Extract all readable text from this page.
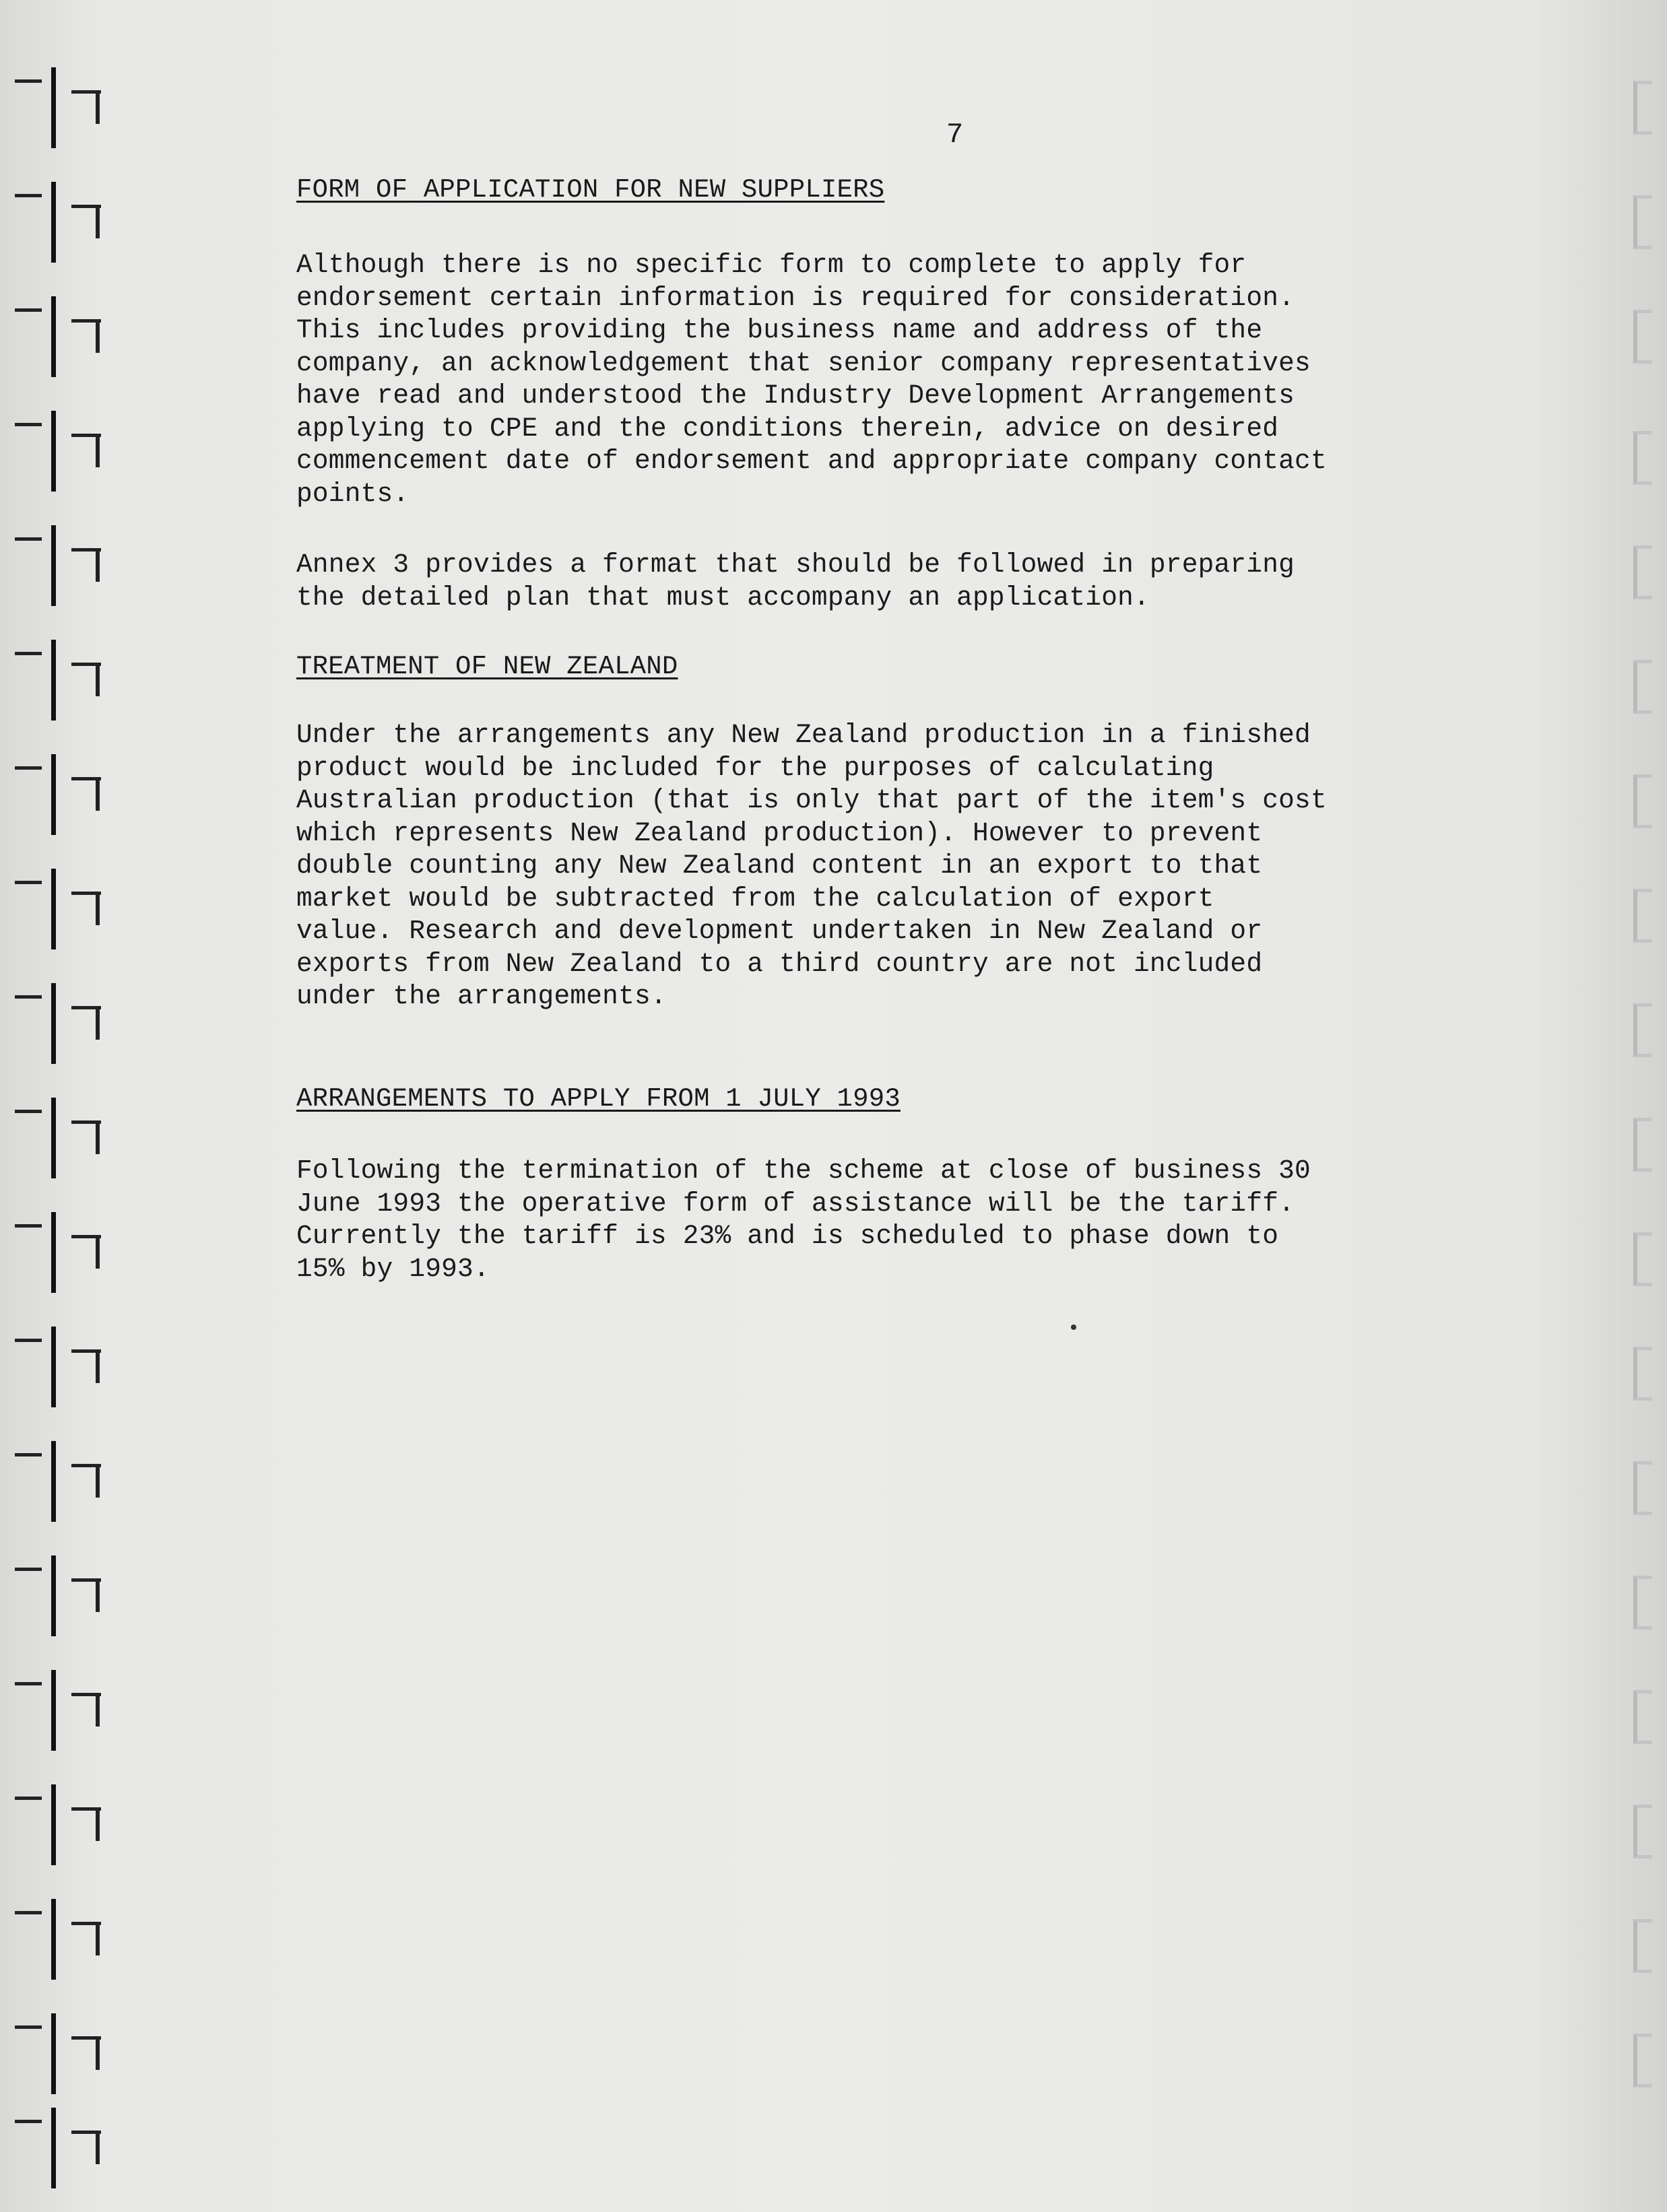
7
FORM OF APPLICATION FOR NEW SUPPLIERS

Although there is no specific form to complete to apply for
endorsement certain information is required for consideration.
This includes providing the business name and address of the
company, an acknowledgement that senior company representatives
have read and understood the Industry Development Arrangements
applying to CPE and the conditions therein, advice on desired
commencement date of endorsement and appropriate company contact
points.

Annex 3 provides a format that should be followed in preparing
the detailed plan that must accompany an application.

TREATMENT OF NEW ZEALAND

Under the arrangements any New Zealand production in a finished
product would be included for the purposes of calculating
Australian production (that is only that part of the item's cost
which represents New Zealand production). However to prevent
double counting any New Zealand content in an export to that
market would be subtracted from the calculation of export
value. Research and development undertaken in New Zealand or
exports from New Zealand to a third country are not included
under the arrangements.

ARRANGEMENTS TO APPLY FROM 1 JULY 1993

Following the termination of the scheme at close of business 30
June 1993 the operative form of assistance will be the tariff.
Currently the tariff is 23% and is scheduled to phase down to
15% by 1993.
